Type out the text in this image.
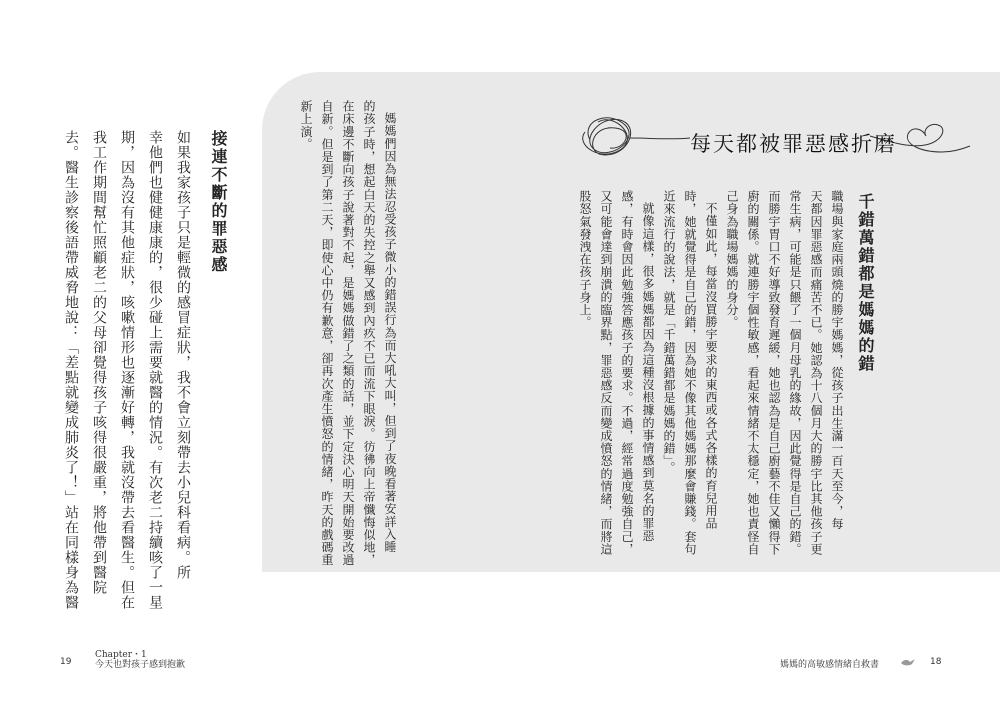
如果我家孩子只是輕微的感冒症狀，我不會立刻帶去小兒科看病。所
幸他們也健健康康的，很少碰上需要就醫的情況。有次老二持續咳了一星
期，因為沒有其他症狀，咳嗽情形也逐漸好轉，我就沒帶去看醫生。但在
我工作期間幫忙照顧老二的父母卻覺得孩子咳得很嚴重，將他帶到醫院
去。醫生診察後語帶威脅地說：「差點就變成肺炎了！」站在同樣身為醫	接連不斷的罪惡感
Chapter・1
19	今天也對孩子感到抱歉
每天都被罪惡感折磨
千錯萬錯都是媽媽的錯
職場與家庭兩頭燒的勝宇媽媽，從孩子出生滿一百天至今，每
天都因罪惡感而痛苦不已。她認為十八個月大的勝宇比其他孩子更
常生病，可能是只餵了一個月母乳的緣故，因此覺得是自己的錯。
而勝宇胃口不好導致發育遲緩，她也認為是自己廚藝不佳又懶得下
廚的關係。就連勝宇個性敏感，看起來情緒不太穩定，她也責怪自
己身為職場媽媽的身分。
不僅如此，每當沒買勝宇要求的東西或各式各樣的育兒用品
時，她就覺得是自己的錯，因為她不像其他媽媽那麼會賺錢。套句
近來流行的說法，就是「千錯萬錯都是媽媽的錯」。
就像這樣，很多媽媽都因為這種沒根據的事情感到莫名的罪惡
感，有時會因此勉強答應孩子的要求。不過，經常過度勉強自己，
又可能會達到崩潰的臨界點，罪惡感反而變成憤怒的情緒，而將這
股怒氣發洩在孩子身上。
媽媽們因為無法忍受孩子微小的錯誤行為而大吼大叫，但到了夜晚看著安詳入睡
的孩子時，想起白天的失控之舉又感到內疚不已而流下眼淚。彷彿向上帝懺悔似地，
在床邊不斷向孩子說著對不起，是媽媽做錯了之類的話，並下定決心明天開始要改過
自新。但是到了第二天，即使心中仍有歉意，卻再次產生憤怒的情緒，昨天的戲碼重
新上演。
媽媽的高敏感情緒自救書	18
